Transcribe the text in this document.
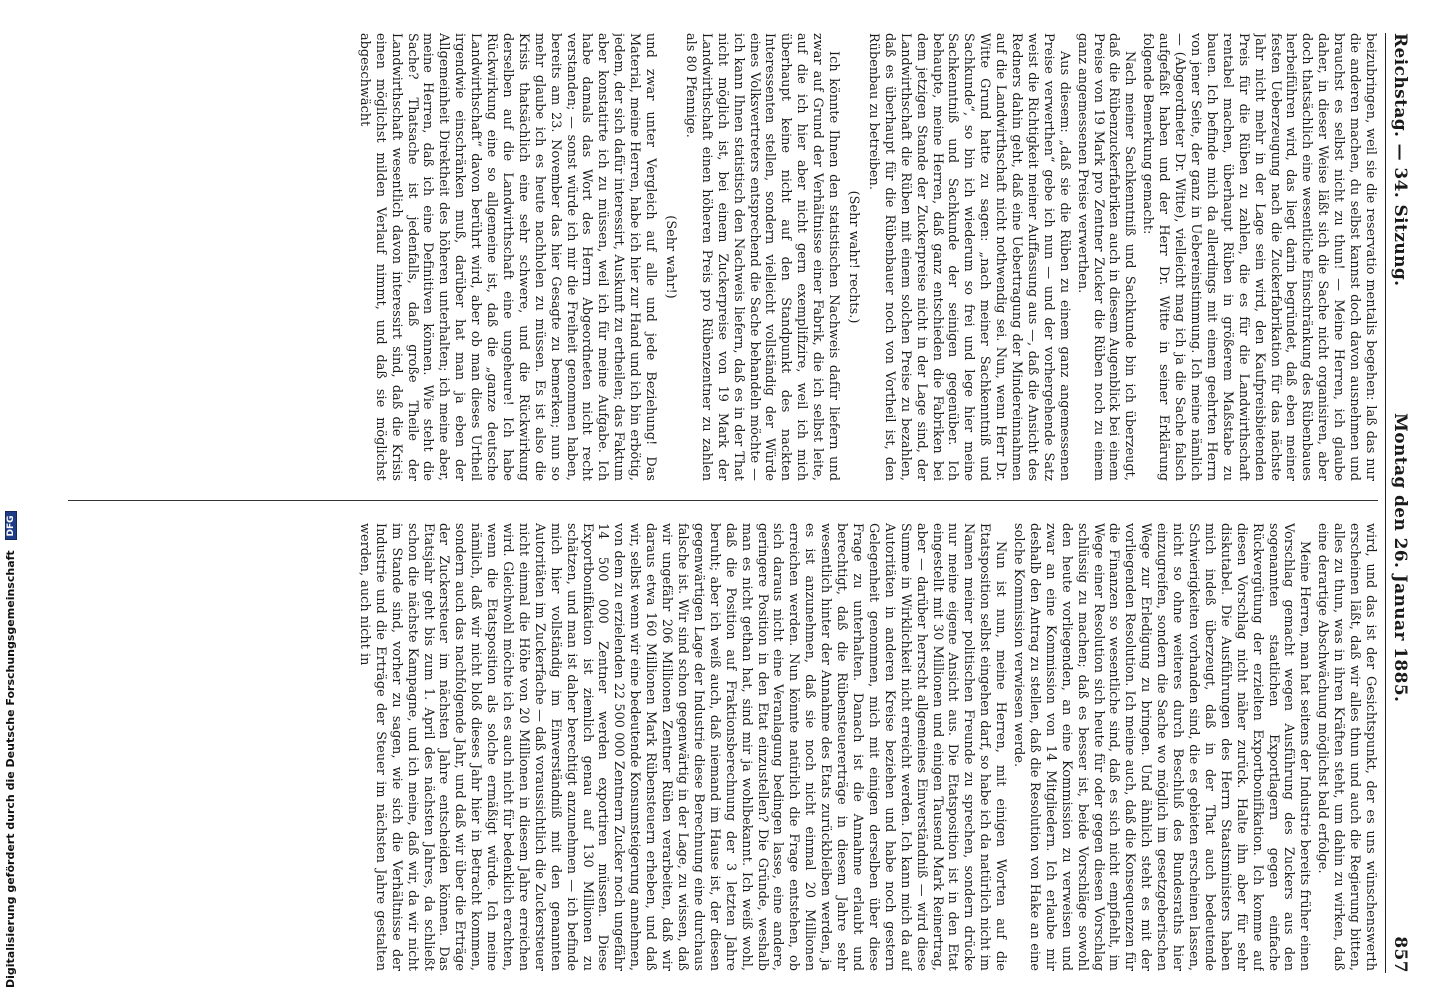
Digitalisierung gefördert durch die Deutsche Forschungsgemeinschaft DFG
Reichstag. — 34. Sitzung.
Montag den 26. Januar 1885.
857

beizubringen, weil sie die reservatio mentalis begehen: laß das nur die anderen machen, du selbst kannst doch davon ausnehmen und brauchst es selbst nicht zu thun! — Meine Herren, ich glaube daher, in dieser Weise läßt sich die Sache nicht organisiren, aber doch thatsächlich eine wesentliche Einschränkung des Rübenbaues herbeiführen wird, das liegt darin begründet, daß eben meiner festen Ueberzeugung nach die Zuckerfabrikation für das nächste Jahr nicht mehr in der Lage sein wird, den Kaufpreisbietenden Preis für die Rüben zu zahlen, die es für die Landwirthschaft rentabel machen, überhaupt Rüben in größerem Maßstabe zu bauen. Ich befinde mich da allerdings mit einem geehrten Herrn von jener Seite, der ganz in Uebereinstimmung. Ich meine nämlich — (Abgeordneter Dr. Witte), vielleicht mag ich ja die Sache falsch aufgefaßt haben und der Herr Dr. Witte in seiner Erklärung folgende Bemerkung gemacht:

Nach meiner Sachkenntniß und Sachkunde bin ich überzeugt, daß die Rübenzuckerfabriken auch in diesem Augenblick bei einem Preise von 19 Mark pro Zentner Zucker die Rüben noch zu einem ganz angemessenen Preise verwerthen.

Aus diesem: „daß sie die Rüben zu einem ganz angemessenen Preise verwerthen“ gebe ich nun — und der vorhergehende Satz weist die Richtigkeit meiner Auffassung aus —, daß die Ansicht des Redners dahin geht, daß eine Uebertragung der Mindereinnahmen auf die Landwirthschaft nicht nothwendig sei. Nun, wenn Herr Dr. Witte Grund hatte zu sagen: „nach meiner Sachkenntniß und Sachkunde“, so bin ich wiederum so frei und lege hier meine Sachkenntniß und Sachkunde der seinigen gegenüber. Ich behaupte, meine Herren, daß ganz entschieden die Fabriken bei dem jetzigen Stande der Zuckerpreise nicht in der Lage sind, der Landwirthschaft die Rüben mit einem solchen Preise zu bezahlen, daß es überhaupt für die Rübenbauer noch von Vortheil ist, den Rübenbau zu betreiben.

(Sehr wahr! rechts.)

Ich könnte Ihnen den statistischen Nachweis dafür liefern und zwar auf Grund der Verhältnisse einer Fabrik, die ich selbst leite, auf die ich hier aber nicht gern exemplifizire, weil ich mich überhaupt keine nicht auf den Standpunkt des nackten Interessenten stellen, sondern vielleicht vollständig der Würde eines Volksvertreters entsprechend die Sache behandeln möchte — ich kann Ihnen statistisch den Nachweis liefern, daß es in der That nicht möglich ist, bei einem Zuckerpreise von 19 Mark der Landwirthschaft einen höheren Preis pro Rübenzentner zu zahlen als 80 Pfennige.

(Sehr wahr!)

und zwar unter Vergleich auf alle und jede Beziehung! Das Material, meine Herren, habe ich hier zur Hand und ich bin erbötig, jedem, der sich dafür interessirt, Auskunft zu ertheilen; das Faktum aber konstatirte ich zu müssen, weil ich für meine Aufgabe. Ich habe damals das Wort des Herrn Abgeordneten nicht recht verstanden; — sonst würde ich mir die Freiheit genommen haben, bereits am 23. November das hier Gesagte zu bemerken; nun so mehr glaube ich es heute nachholen zu müssen. Es ist also die Krisis thatsächlich eine sehr schwere, und die Rückwirkung derselben auf die Landwirthschaft eine ungeheure! Ich habe Rückwirkung eine so allgemeine ist, daß die „ganze deutsche Landwirthschaft“ davon berührt wird, aber ob man dieses Urtheil irgendwie einschränken muß, darüber hat man ja eben der Allgemeinheit Direktheit des höheren unterhalten; ich meine aber, meine Herren, daß ich eine Definitiven können. Wie steht die Sache? Thatsache ist jedenfalls, daß große Theile der Landwirthschaft wesentlich davon interessirt sind, daß die Krisis einen möglichst milden Verlauf nimmt, und daß sie möglichst abgeschwächt

wird, und das ist der Gesichtspunkt, der es uns wünschenswerth erscheinen läßt, daß wir alles thun und auch die Regierung bitten, alles zu thun, was in ihren Kräften steht, um dahin zu wirken, daß eine derartige Abschwächung möglichst bald erfolge.

Meine Herren, man hat seitens der Industrie bereits früher einen Vorschlag gemacht wegen Ausführung des Zuckers aus den sogenannten staatlichen Exportlagern gegen einfache Rückvergütung der erzielten Exportbonifikation. Ich komme auf diesen Vorschlag nicht näher zurück. Halte ihn aber für sehr diskutabel. Die Ausführungen des Herrn Staatsministers haben mich indeß überzeugt, daß in der That auch bedeutende Schwierigkeiten vorhanden sind, die es gebieten erscheinen lassen, nicht so ohne weiteres durch Beschluß des Bundesraths hier einzugreifen, sondern die Sache wo möglich im gesetzgeberischen Wege zur Erledigung zu bringen. Und ähnlich steht es mit der vorliegenden Resolution. Ich meine auch, daß die Konsequenzen für die Finanzen so wesentliche sind, daß es sich nicht empfiehlt, im Wege einer Resolution sich heute für oder gegen diesen Vorschlag schlüssig zu machen; daß es besser ist, beide Vorschläge sowohl den heute vorliegenden, an eine Kommission zu verweisen und zwar an eine Kommission von 14 Mitgliedern. Ich erlaube mir deshalb den Antrag zu stellen, daß die Resolution von Hake an eine solche Kommission verwiesen werde.

Nun ist nun, meine Herren, mit einigen Worten auf die Etatsposition selbst eingehen darf, so habe ich da natürlich nicht im Namen meiner politischen Freunde zu sprechen, sondern drücke nur meine eigene Ansicht aus. Die Etatsposition ist in den Etat eingestellt mit 30 Millionen und einigen Tausend Mark Reinertrag, aber — darüber herrscht allgemeines Einverständniß — wird diese Summe in Wirklichkeit nicht erreicht werden. Ich kann mich da auf Autoritäten in anderen Kreise beziehen und habe noch gestern Gelegenheit genommen, mich mit einigen derselben über diese Frage zu unterhalten. Danach ist die Annahme erlaubt und berechtigt, daß die Rübensteuererträge in diesem Jahre sehr wesentlich hinter der Annahme des Etats zurückbleiben werden, ja es ist anzunehmen, daß sie noch nicht einmal 20 Millionen erreichen werden. Nun könnte natürlich die Frage entstehen, ob sich daraus nicht eine Veranlagung bedingen lasse, eine andere, geringere Position in den Etat einzustellen? Die Gründe, weshalb man es nicht gethan hat, sind mir ja wohlbekannt. Ich weiß wohl, daß die Position auf Fraktionsberechnung der 3 letzten Jahre beruht; aber ich weiß auch, daß niemand im Hause ist, der diesen gegenwärtigen Lage der Industrie diese Berechnung eine durchaus falsche ist. Wir sind schon gegenwärtig in der Lage, zu wissen, daß wir ungefähr 206 Millionen Zentner Rüben verarbeiten, daß wir daraus etwa 160 Millionen Mark Rübensteuern erheben, und daß wir, selbst wenn wir eine bedeutende Konsumsteigerung annehmen, von dem zu erzielenden 22 500 000 Zentnern Zucker noch ungefähr 14 500 000 Zentner werden exportiren müssen. Diese Exportbonifikation ist ziemlich genau auf 130 Millionen zu schätzen, und man ist daher berechtigt anzunehmen — ich befinde mich hier vollständig im Einverständniß mit den genannten Autoritäten im Zuckerfache — daß voraussichtlich die Zuckersteuer nicht einmal die Höhe von 20 Millionen in diesem Jahre erreichen wird. Gleichwohl möchte ich es auch nicht für bedenklich erachten, wenn die Etatsposition als solche ermäßigt würde. Ich meine nämlich, daß wir nicht bloß dieses Jahr hier in Betracht kommen, sondern auch das nachfolgende Jahr, und daß wir über die Erträge der Zuckersteuer im nächsten Jahre entscheiden können. Das Etatsjahr geht bis zum 1. April des nächsten Jahres, da schließt schon die nächste Kampagne, und ich meine, daß wir, da wir nicht im Stande sind, vorher zu sagen, wie sich die Verhältnisse der Industrie und die Erträge der Steuer im nächsten Jahre gestalten werden, auch nicht in
